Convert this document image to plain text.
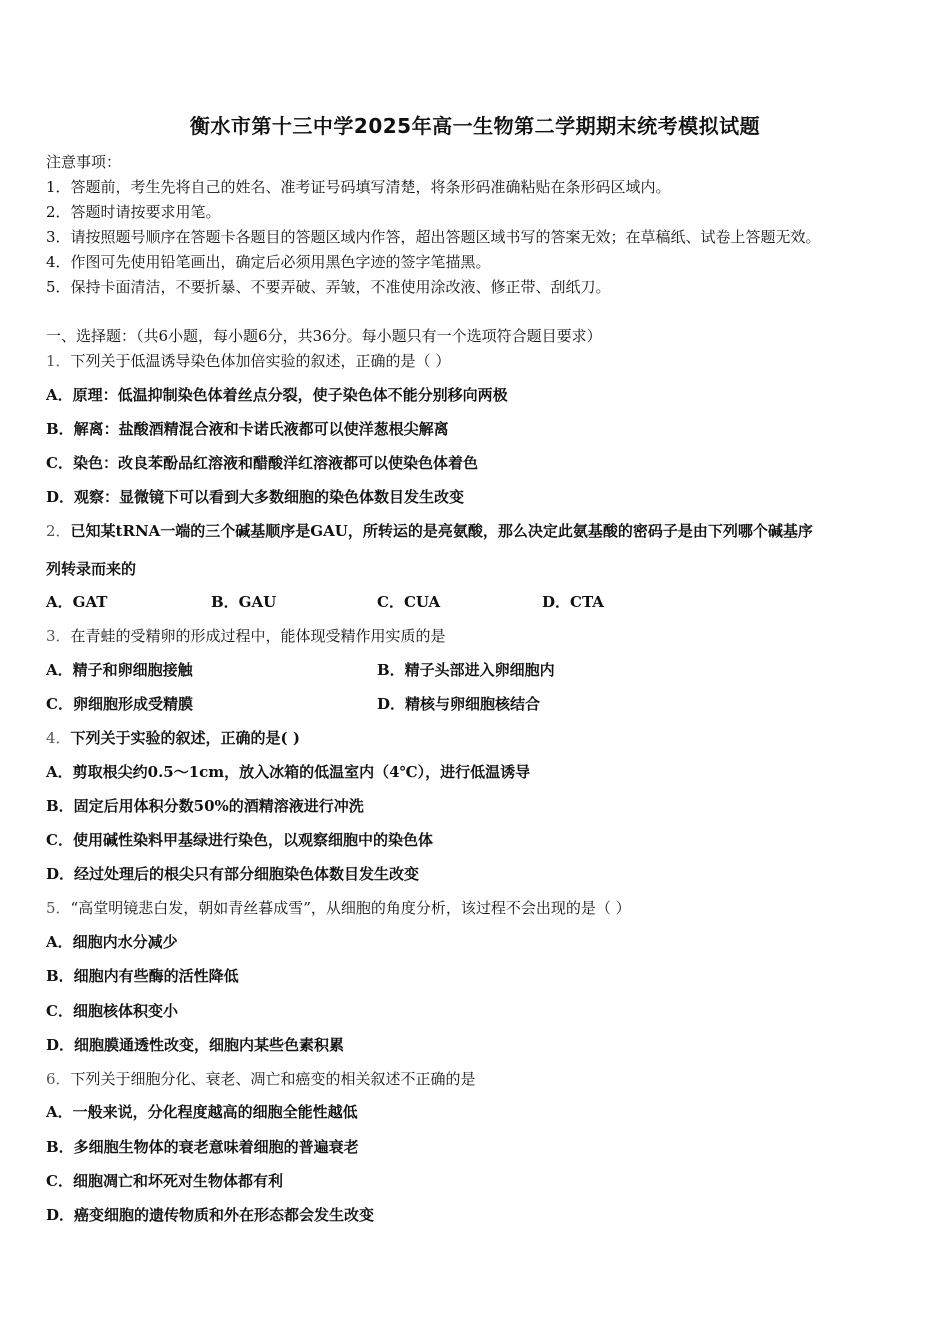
衡水市第十三中学2025年高一生物第二学期期末统考模拟试题
注意事项：
1．答题前，考生先将自己的姓名、准考证号码填写清楚，将条形码准确粘贴在条形码区域内。
2．答题时请按要求用笔。
3．请按照题号顺序在答题卡各题目的答题区域内作答，超出答题区域书写的答案无效；在草稿纸、试卷上答题无效。
4．作图可先使用铅笔画出，确定后必须用黑色字迹的签字笔描黑。
5．保持卡面清洁，不要折暴、不要弄破、弄皱，不准使用涂改液、修正带、刮纸刀。
一、选择题：（共6小题，每小题6分，共36分。每小题只有一个选项符合题目要求）
1．下列关于低温诱导染色体加倍实验的叙述，正确的是（ ）
A．原理：低温抑制染色体着丝点分裂，使子染色体不能分别移向两极
B．解离：盐酸酒精混合液和卡诺氏液都可以使洋葱根尖解离
C．染色：改良苯酚品红溶液和醋酸洋红溶液都可以使染色体着色
D．观察：显微镜下可以看到大多数细胞的染色体数目发生改变
2．已知某tRNA一端的三个碱基顺序是GAU，所转运的是亮氨酸，那么决定此氨基酸的密码子是由下列哪个碱基序
列转录而来的
A．GAT	B．GAU	C．CUA	D．CTA
3．在青蛙的受精卵的形成过程中，能体现受精作用实质的是
A．精子和卵细胞接触	B．精子头部进入卵细胞内
C．卵细胞形成受精膜	D．精核与卵细胞核结合
4．下列关于实验的叙述，正确的是( )
A．剪取根尖约0.5～1cm，放入冰箱的低温室内（4℃），进行低温诱导
B．固定后用体积分数50%的酒精溶液进行冲洗
C．使用碱性染料甲基绿进行染色，以观察细胞中的染色体
D．经过处理后的根尖只有部分细胞染色体数目发生改变
5．“高堂明镜悲白发，朝如青丝暮成雪”，从细胞的角度分析，该过程不会出现的是（ ）
A．细胞内水分减少
B．细胞内有些酶的活性降低
C．细胞核体积变小
D．细胞膜通透性改变，细胞内某些色素积累
6．下列关于细胞分化、衰老、凋亡和癌变的相关叙述不正确的是
A．一般来说，分化程度越高的细胞全能性越低
B．多细胞生物体的衰老意味着细胞的普遍衰老
C．细胞凋亡和坏死对生物体都有利
D．癌变细胞的遗传物质和外在形态都会发生改变
